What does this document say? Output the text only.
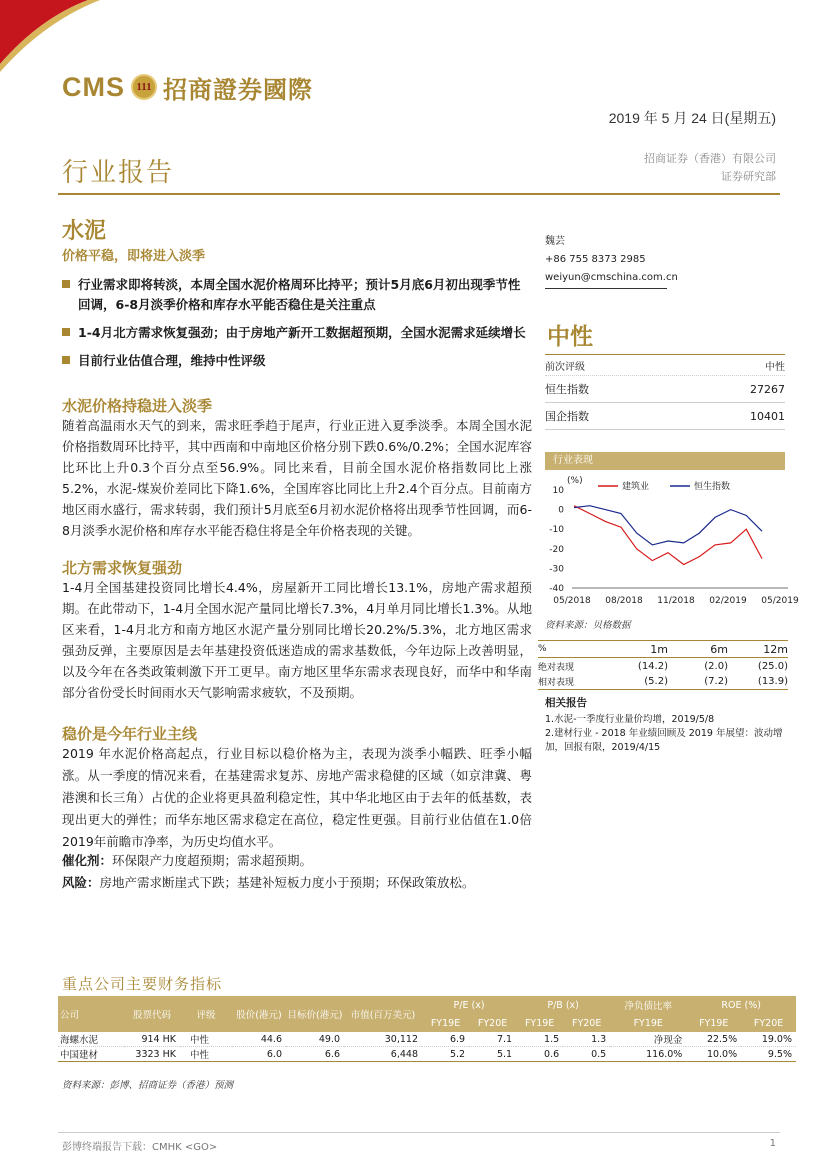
CMS	111 招商證券國際
2019 年 5 月 24 日(星期五)
行业报告	招商证券（香港）有限公司
证券研究部
水泥
价格平稳，即将进入淡季
行业需求即将转淡，本周全国水泥价格周环比持平；预计5月底6月初出现季节性回调，6-8月淡季价格和库存水平能否稳住是关注重点
1-4月北方需求恢复强劲；由于房地产新开工数据超预期，全国水泥需求延续增长
目前行业估值合理，维持中性评级
水泥价格持稳进入淡季
随着高温雨水天气的到来，需求旺季趋于尾声，行业正进入夏季淡季。本周全国水泥价格指数周环比持平，其中西南和中南地区价格分别下跌0.6%/0.2%；全国水泥库容比环比上升0.3个百分点至56.9%。同比来看，目前全国水泥价格指数同比上涨5.2%，水泥-煤炭价差同比下降1.6%，全国库容比同比上升2.4个百分点。目前南方地区雨水盛行，需求转弱，我们预计5月底至6月初水泥价格将出现季节性回调，而6-8月淡季水泥价格和库存水平能否稳住将是全年价格表现的关键。
北方需求恢复强劲
1-4月全国基建投资同比增长4.4%，房屋新开工同比增长13.1%，房地产需求超预期。在此带动下，1-4月全国水泥产量同比增长7.3%，4月单月同比增长1.3%。从地区来看，1-4月北方和南方地区水泥产量分别同比增长20.2%/5.3%，北方地区需求强劲反弹，主要原因是去年基建投资低迷造成的需求基数低，今年边际上改善明显，以及今年在各类政策刺激下开工更早。南方地区里华东需求表现良好，而华中和华南部分省份受长时间雨水天气影响需求疲软，不及预期。
稳价是今年行业主线
2019 年水泥价格高起点，行业目标以稳价格为主，表现为淡季小幅跌、旺季小幅涨。从一季度的情况来看，在基建需求复苏、房地产需求稳健的区域（如京津冀、粤港澳和长三角）占优的企业将更具盈利稳定性，其中华北地区由于去年的低基数，表现出更大的弹性；而华东地区需求稳定在高位，稳定性更强。目前行业估值在1.0倍2019年前瞻市净率，为历史均值水平。
催化剂：环保限产力度超预期；需求超预期。
风险：房地产需求断崖式下跌；基建补短板力度小于预期；环保政策放松。
魏芸
+86 755 8373 2985
weiyun@cmschina.com.cn
中性
前次评级	中性
恒生指数	27267
国企指数	10401
行业表现
(%)
10
0
-10
-20
-30
-40
05/2018 08/2018 11/2018 02/2019 05/2019
建筑业	恒生指数
资料来源：贝格数据
%	1m	6m	12m
绝对表现	(14.2)	(2.0)	(25.0)
相对表现	(5.2)	(7.2)	(13.9)
相关报告
1.水泥-一季度行业量价均增，2019/5/8
2.建材行业 - 2018 年业绩回顾及 2019 年展望：波动增加，回报有限，2019/4/15
重点公司主要财务指标
公司	股票代码	评级	股价(港元)	目标价(港元)	市值(百万美元)	P/E (x)		P/B (x)		净负债比率	ROE (%)	
						FY19E	FY20E	FY19E	FY20E	FY19E	FY19E	FY20E
海螺水泥	914 HK	中性	44.6	49.0	30,112	6.9	7.1	1.5	1.3	净现金	22.5%	19.0%
中国建材	3323 HK	中性	6.0	6.6	6,448	5.2	5.1	0.6	0.5	116.0%	10.0%	9.5%
资料来源：彭博、招商证券（香港）预测
彭博终端报告下载：CMHK <GO>	1
